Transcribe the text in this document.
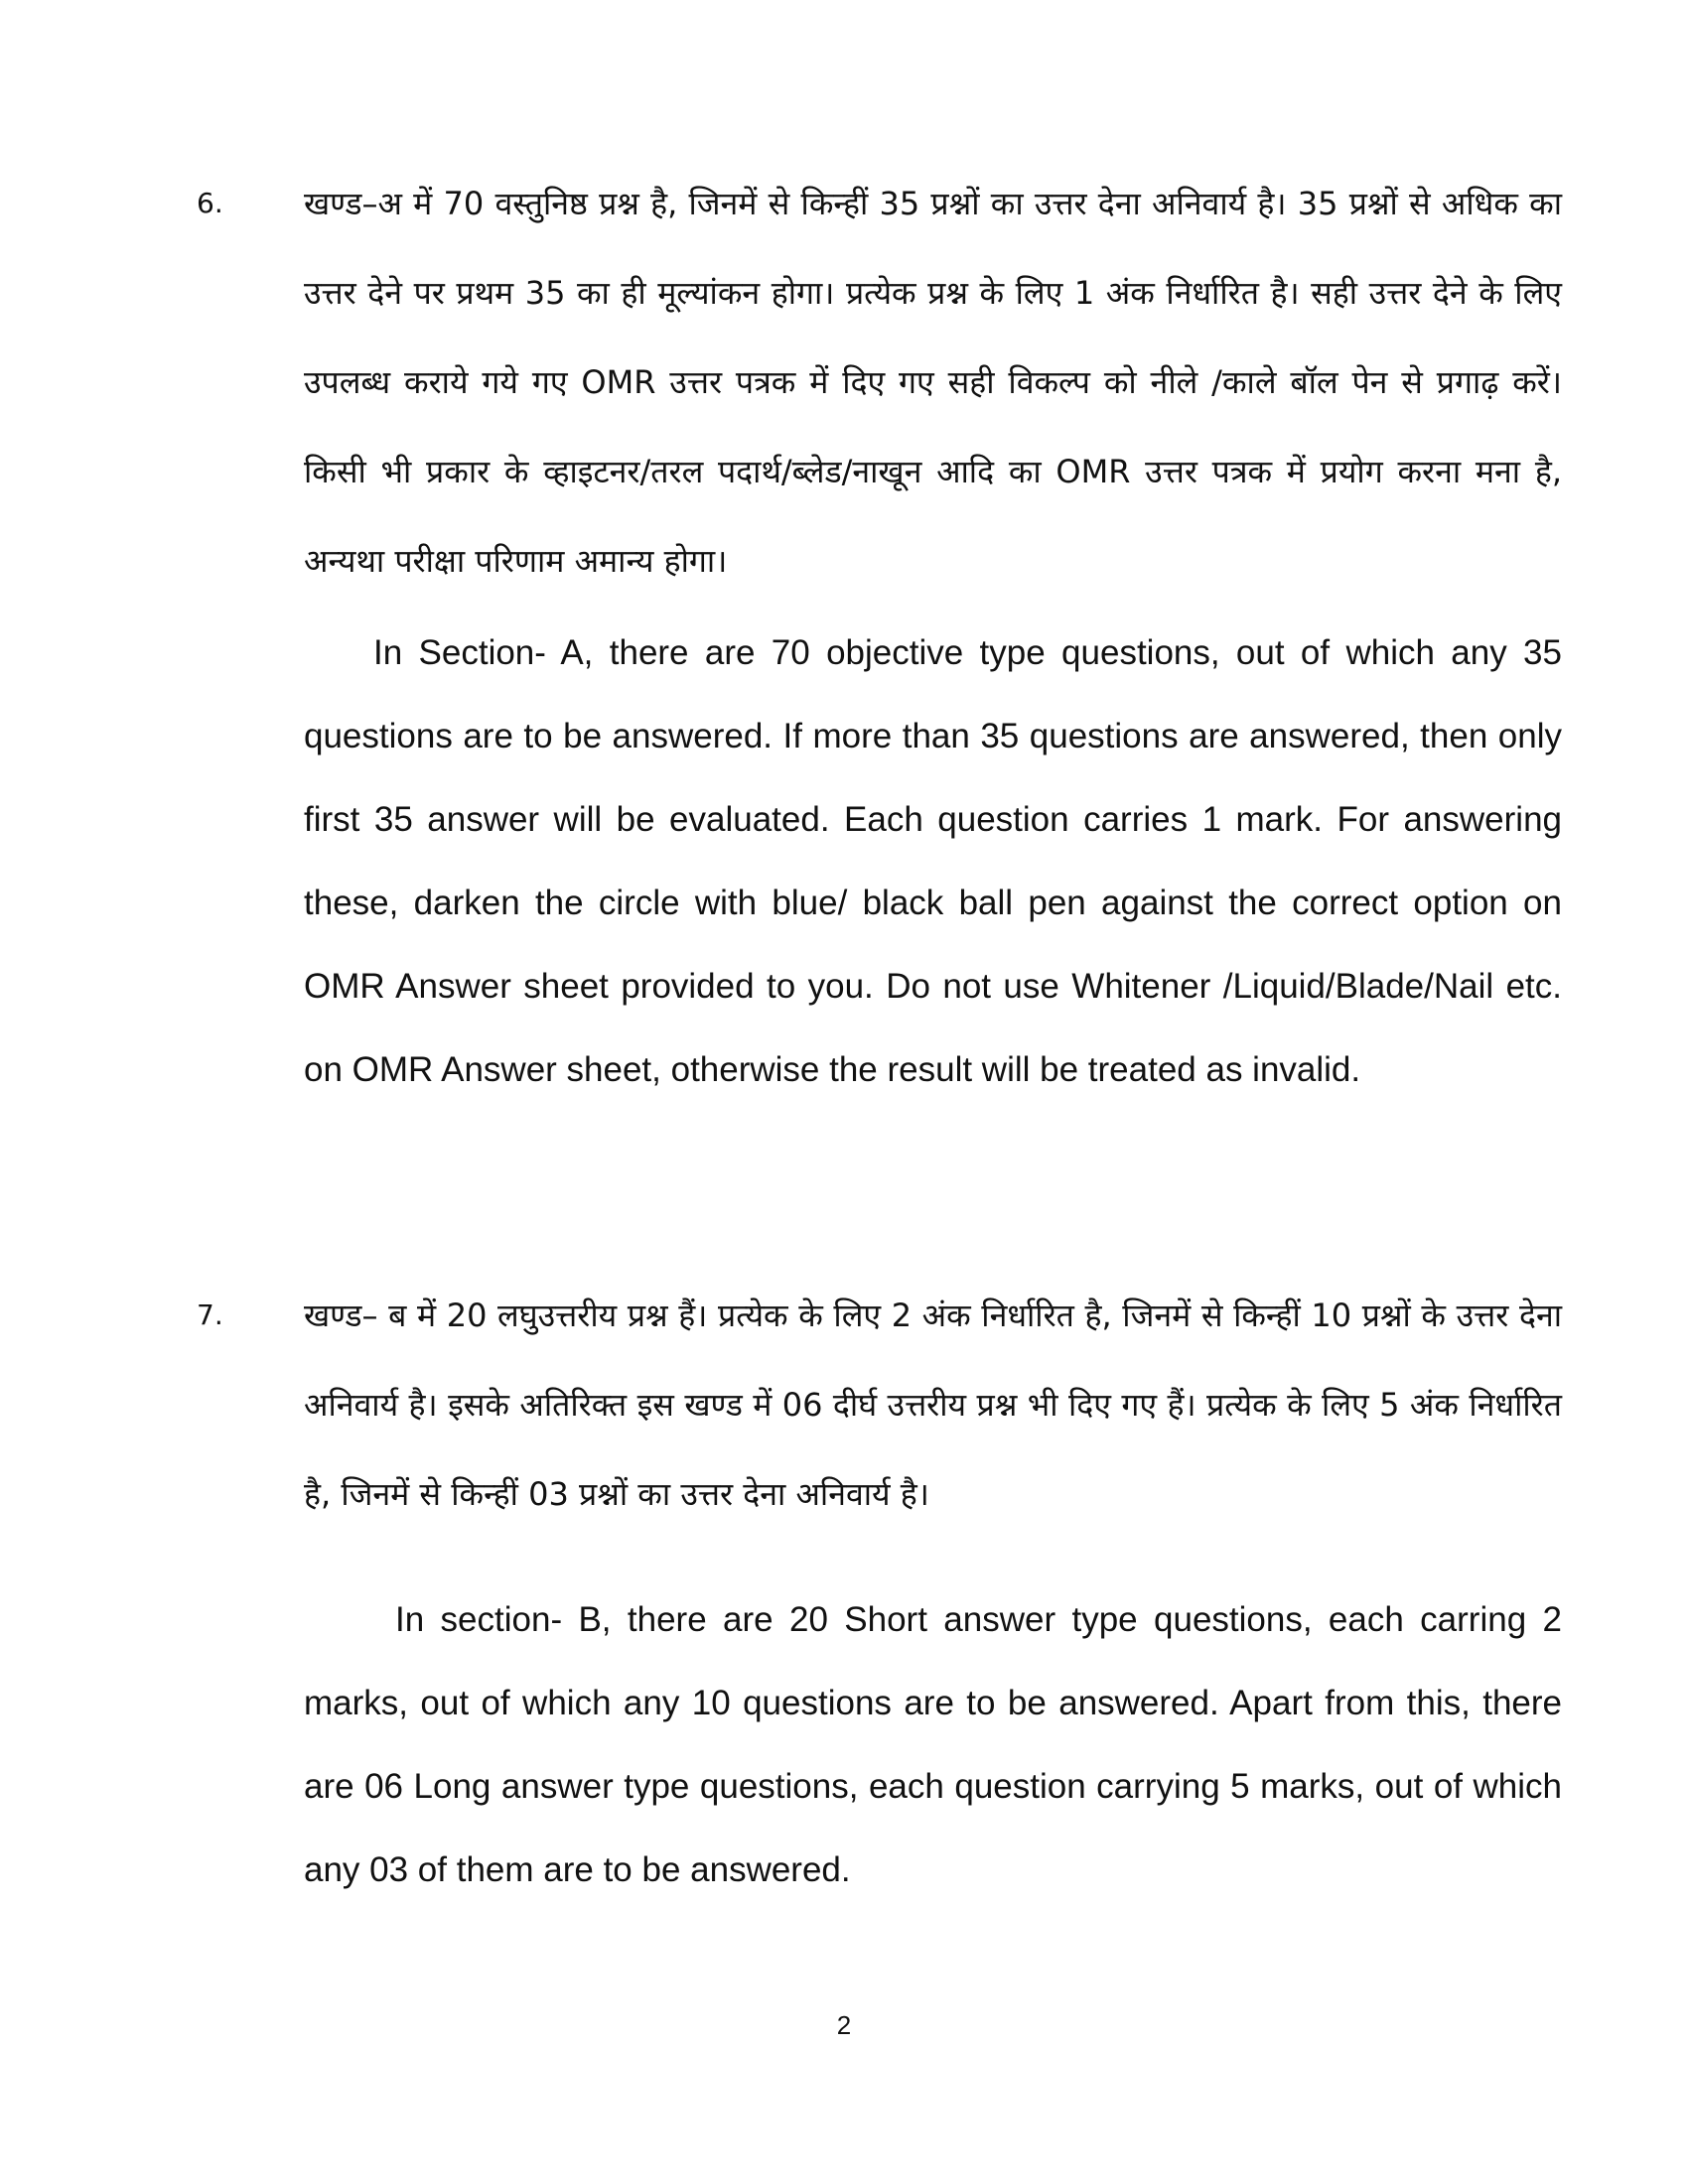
6.	खण्ड–अ में 70 वस्तुनिष्ठ प्रश्न है, जिनमें से किन्हीं 35 प्रश्नों का उत्तर देना अनिवार्य है। 35 प्रश्नों से अधिक का उत्तर देने पर प्रथम 35 का ही मूल्यांकन होगा। प्रत्येक प्रश्न के लिए 1 अंक निर्धारित है। सही उत्तर देने के लिए उपलब्ध कराये गये गए OMR उत्तर पत्रक में दिए गए सही विकल्प को नीले /काले बॉल पेन से प्रगाढ़ करें। किसी भी प्रकार के व्हाइटनर/तरल पदार्थ/ब्लेड/नाखून आदि का OMR उत्तर पत्रक में प्रयोग करना मना है, अन्यथा परीक्षा परिणाम अमान्य होगा।

In Section- A, there are 70 objective type questions, out of which any 35 questions are to be answered. If more than 35 questions are answered, then only first 35 answer will be evaluated. Each question carries 1 mark. For answering these, darken the circle with blue/ black ball pen against the correct option on OMR Answer sheet provided to you. Do not use Whitener /Liquid/Blade/Nail etc. on OMR Answer sheet, otherwise the result will be treated as invalid.

7.	खण्ड– ब में 20 लघुउत्तरीय प्रश्न हैं। प्रत्येक के लिए 2 अंक निर्धारित है, जिनमें से किन्हीं 10 प्रश्नों के उत्तर देना अनिवार्य है। इसके अतिरिक्त इस खण्ड में 06 दीर्घ उत्तरीय प्रश्न भी दिए गए हैं। प्रत्येक के लिए 5 अंक निर्धारित है, जिनमें से किन्हीं 03 प्रश्नों का उत्तर देना अनिवार्य है।

In section- B, there are 20 Short answer type questions, each carring 2 marks, out of which any 10 questions are to be answered. Apart from this, there are 06 Long answer type questions, each question carrying 5 marks, out of which any 03 of them are to be answered.

2
